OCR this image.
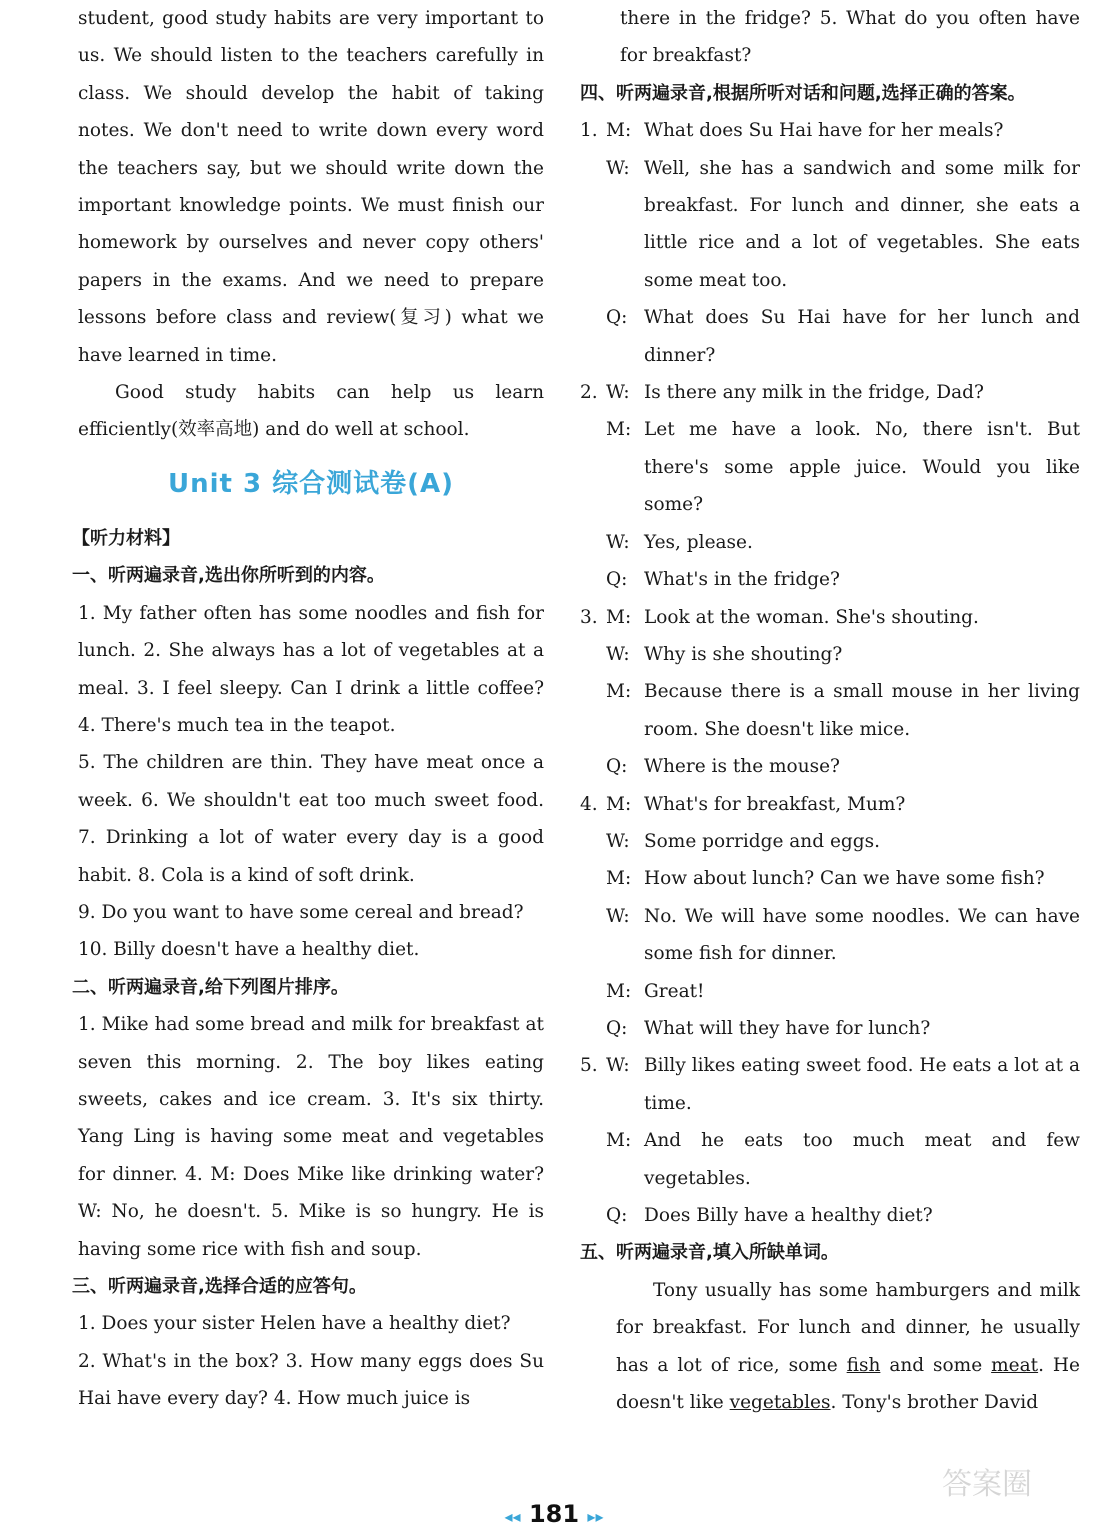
student, good study habits are very important to us. We should listen to the teachers carefully in class. We should develop the habit of taking notes. We don't need to write down every word the teachers say, but we should write down the important knowledge points. We must finish our homework by ourselves and never copy others' papers in the exams. And we need to prepare lessons before class and review(复习) what we have learned in time.

Good study habits can help us learn efficiently(效率高地) and do well at school.

Unit 3 综合测试卷(A)

【听力材料】

一、听两遍录音,选出你所听到的内容。

1. My father often has some noodles and fish for lunch. 2. She always has a lot of vegetables at a meal. 3. I feel sleepy. Can I drink a little coffee? 4. There's much tea in the teapot.

5. The children are thin. They have meat once a week. 6. We shouldn't eat too much sweet food. 7. Drinking a lot of water every day is a good habit. 8. Cola is a kind of soft drink.

9. Do you want to have some cereal and bread?

10. Billy doesn't have a healthy diet.

二、听两遍录音,给下列图片排序。

1. Mike had some bread and milk for breakfast at seven this morning. 2. The boy likes eating sweets, cakes and ice cream. 3. It's six thirty. Yang Ling is having some meat and vegetables for dinner. 4. M: Does Mike like drinking water? W: No, he doesn't. 5. Mike is so hungry. He is having some rice with fish and soup.

三、听两遍录音,选择合适的应答句。

1. Does your sister Helen have a healthy diet?

2. What's in the box? 3. How many eggs does Su Hai have every day? 4. How much juice is

there in the fridge? 5. What do you often have for breakfast?

四、听两遍录音,根据所听对话和问题,选择正确的答案。

1. M: What does Su Hai have for her meals?
W: Well, she has a sandwich and some milk for breakfast. For lunch and dinner, she eats a little rice and a lot of vegetables. She eats some meat too.
Q: What does Su Hai have for her lunch and dinner?
2. W: Is there any milk in the fridge, Dad?
M: Let me have a look. No, there isn't. But there's some apple juice. Would you like some?
W: Yes, please.
Q: What's in the fridge?
3. M: Look at the woman. She's shouting.
W: Why is she shouting?
M: Because there is a small mouse in her living room. She doesn't like mice.
Q: Where is the mouse?
4. M: What's for breakfast, Mum?
W: Some porridge and eggs.
M: How about lunch? Can we have some fish?
W: No. We will have some noodles. We can have some fish for dinner.
M: Great!
Q: What will they have for lunch?
5. W: Billy likes eating sweet food. He eats a lot at a time.
M: And he eats too much meat and few vegetables.
Q: Does Billy have a healthy diet?

五、听两遍录音,填入所缺单词。

Tony usually has some hamburgers and milk for breakfast. For lunch and dinner, he usually has a lot of rice, some fish and some meat. He doesn't like vegetables. Tony's brother David

◂◂ 181 ▸▸
答案圈
